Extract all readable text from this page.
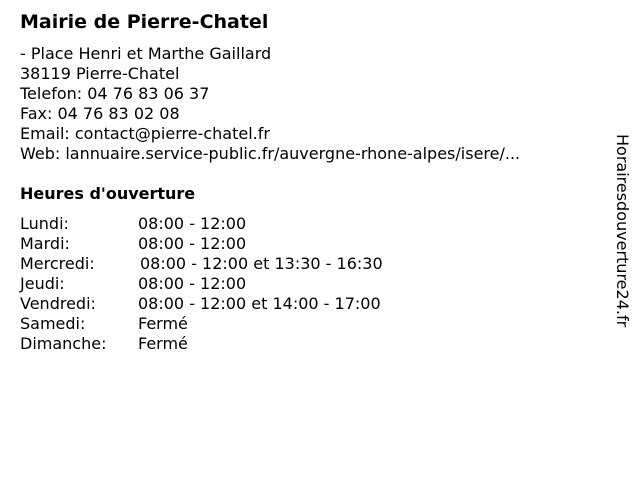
Mairie de Pierre-Chatel
- Place Henri et Marthe Gaillard
38119 Pierre-Chatel
Telefon: 04 76 83 06 37
Fax: 04 76 83 02 08
Email: contact@pierre-chatel.fr
Web: lannuaire.service-public.fr/auvergne-rhone-alpes/isere/...
Heures d'ouverture
Lundi:	08:00 - 12:00
Mardi:	08:00 - 12:00
Mercredi:	08:00 - 12:00 et 13:30 - 16:30
Jeudi:	08:00 - 12:00
Vendredi:	08:00 - 12:00 et 14:00 - 17:00
Samedi:	Fermé
Dimanche: Fermé
Horairesdouverture24.fr
